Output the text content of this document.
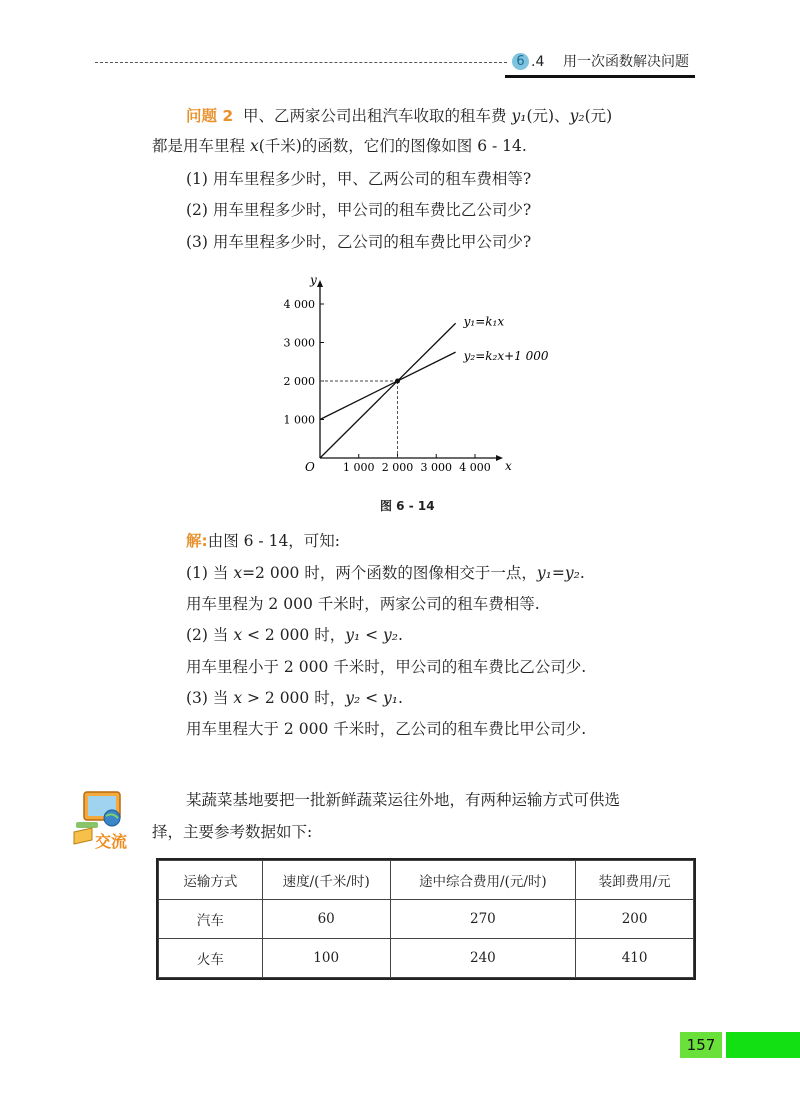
6 .4 用一次函数解决问题
问题 2 甲、乙两家公司出租汽车收取的租车费 y₁(元)、y₂(元)
都是用车里程 x(千米)的函数，它们的图像如图 6 - 14.
(1) 用车里程多少时，甲、乙两公司的租车费相等?
(2) 用车里程多少时，甲公司的租车费比乙公司少?
(3) 用车里程多少时，乙公司的租车费比甲公司少?
x
y
O	1 000 2 000 3 000 4 000
1 000
2 000
3 000
4 000
y₁=k₁x
y₂=k₂x+1 000
图 6 - 14
解:由图 6 - 14，可知:
(1) 当 x=2 000 时，两个函数的图像相交于一点，y₁=y₂.
用车里程为 2 000 千米时，两家公司的租车费相等.
(2) 当 x < 2 000 时，y₁ < y₂.
用车里程小于 2 000 千米时，甲公司的租车费比乙公司少.
(3) 当 x > 2 000 时，y₂ < y₁.
用车里程大于 2 000 千米时，乙公司的租车费比甲公司少.
交流
某蔬菜基地要把一批新鲜蔬菜运往外地，有两种运输方式可供选
择，主要参考数据如下:
运输方式	速度/(千米/时)	途中综合费用/(元/时)	装卸费用/元
汽车	60	270	200
火车	100	240	410
157
